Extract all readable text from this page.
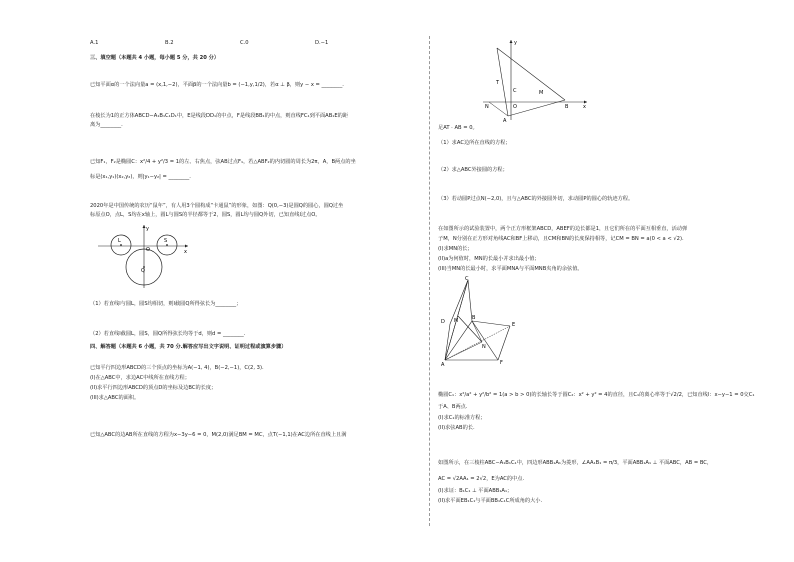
A.1	B.2	C.0	D.−1
三、填空题（本题共 4 小题，每小题 5 分，共 20 分）
已知平面α的一个法向量a = (x,1,−2)，平面β的一个法向量b = (−1,y,1/2)，若α ⊥ β，则y − x = ________.
在棱长为1的正方体ABCD−A₁B₁C₁D₁中，E是线段DD₁的中点，F是线段BB₁的中点，则直线FC₁到平面AB₁E的距
离为________.
已知F₁，F₂是椭圆C：x²/4 + y²/3 = 1的左、右焦点，弦AB过点F₁，若△ABF₂的内切圆的周长为2π，A，B两点的坐
标是(x₁,y₁)(x₂,y₂)，则|y₁−y₂| = ________.
2020年是中国传统的农历“鼠年”，有人用3个圆构成“卡通鼠”的形象，如图：Q(0,−3)是圆Q的圆心，圆Q过坐
标原点O，点L，S均在x轴上，圆L与圆S的半径都等于2，圆S，圆L均与圆Q外切，已知直线l过点O。
L
O
S
Q
x
y
（1）若直线l与圆L，圆S均相切，则l截圆Q所得弦长为________；
（2）若直线l截圆L，圆S，圆Q所得弦长均等于d，则d = ________.
四、解答题（本题共 6 小题，共 70 分.解答应写出文字说明、证明过程或演算步骤）
已知平行四边形ABCD的三个顶点的坐标为A(−1, 4)，B(−2,−1)，C(2, 3).
(I)在△ABC中，求边AC中线所在直线方程；
(II)求平行四边形ABCD的顶点D的坐标及边BC的长度；
(III)求△ABC的面积。
已知△ABC的边AB所在直线的方程为x−3y−6 = 0，M(2,0)满足BM = MC，点T(−1,1)在AC边所在直线上且满
y
T
C	M
N	O	B	x
A
足AT · AB = 0。
（1）求AC边所在直线的方程；
（2）求△ABC外接圆的方程；
（3）若动圆P过点N(−2,0)，且与△ABC的外接圆外切，求动圆P的圆心的轨迹方程。
在如图所示的试验装置中，两个正方形框架ABCD，ABEF的边长都是1，且它们所在的平面互相垂直，活动弹
子M，N分别在正方形对角线AC和BF上移动，且CM和BN的长度保持相等，记CM = BN = a(0 < a < √2).
(I)求MN的长；
(II)a为何值时，MN的长最小并求出最小值；
(III)当MN的长最小时，求平面MNA与平面MNB夹角的余弦值。
C
D M	B
N
E
A	F
椭圆C₁：x²/a² + y²/b² = 1(a > b > 0)的长轴长等于圆C₂：x² + y² = 4的直径，且C₁的离心率等于√2/2，已知直线l：x−y−1 = 0交C₁
于A、B两点.
(I)求C₁的标准方程；
(II)求弦AB的长.
如图所示，在三棱柱ABC−A₁B₁C₁中，四边形ABB₁A₁为菱形，∠AA₁B₁ = π/3，平面ABB₁A₁ ⊥ 平面ABC，AB = BC，
AC = √2AA₁ = 2√2，E为AC的中点.
(I)求证：B₁C₁ ⊥ 平面ABB₁A₁；
(II)求平面EB₁C₁与平面BB₁C₁C所成角的大小.
